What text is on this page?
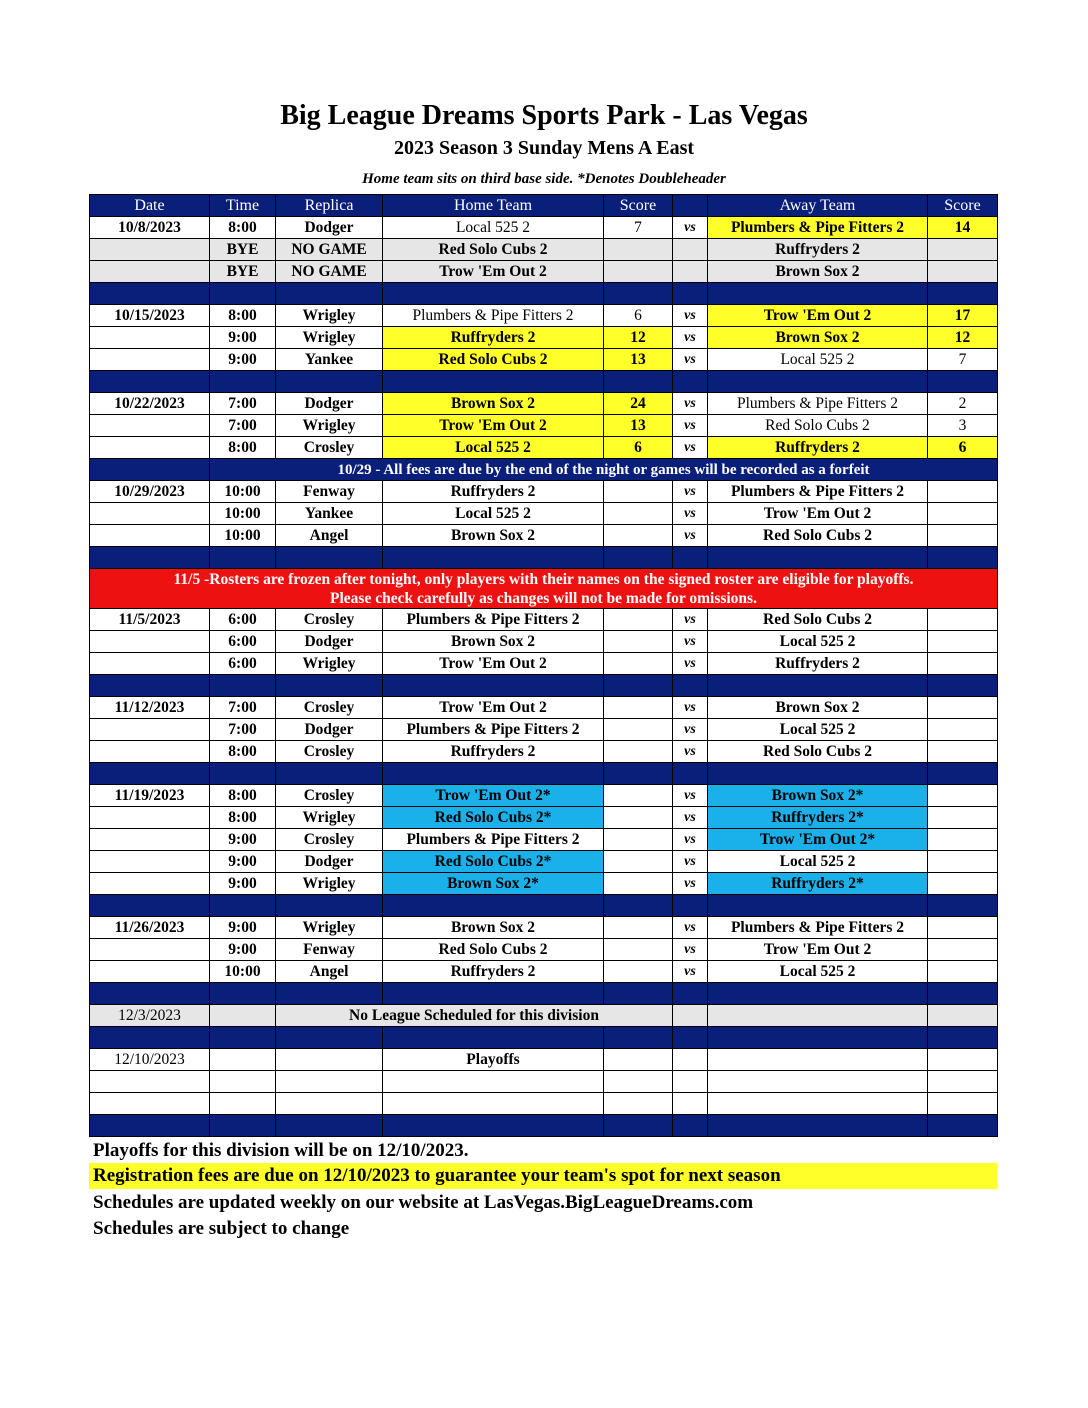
Big League Dreams Sports Park - Las Vegas
2023 Season 3 Sunday Mens A East
Home team sits on third base side. *Denotes Doubleheader
Date	Time	Replica	Home Team	Score		Away Team	Score
10/8/2023	8:00	Dodger	Local 525 2	7	vs	Plumbers & Pipe Fitters 2	14
	BYE	NO GAME	Red Solo Cubs 2			Ruffryders 2	
	BYE	NO GAME	Trow 'Em Out 2			Brown Sox 2	

10/15/2023	8:00	Wrigley	Plumbers & Pipe Fitters 2	6	vs	Trow 'Em Out 2	17
	9:00	Wrigley	Ruffryders 2	12	vs	Brown Sox 2	12
	9:00	Yankee	Red Solo Cubs 2	13	vs	Local 525 2	7

10/22/2023	7:00	Dodger	Brown Sox 2	24	vs	Plumbers & Pipe Fitters 2	2
	7:00	Wrigley	Trow 'Em Out 2	13	vs	Red Solo Cubs 2	3
	8:00	Crosley	Local 525 2	6	vs	Ruffryders 2	6
	10/29 - All fees are due by the end of the night or games will be recorded as a forfeit						
10/29/2023	10:00	Fenway	Ruffryders 2		vs	Plumbers & Pipe Fitters 2	
	10:00	Yankee	Local 525 2		vs	Trow 'Em Out 2	
	10:00	Angel	Brown Sox 2		vs	Red Solo Cubs 2	

11/5 -Rosters are frozen after tonight, only players with their names on the signed roster are eligible for playoffs.
Please check carefully as changes will not be made for omissions.							

11/5/2023	6:00	Crosley	Plumbers & Pipe Fitters 2		vs	Red Solo Cubs 2	
	6:00	Dodger	Brown Sox 2		vs	Local 525 2	
	6:00	Wrigley	Trow 'Em Out 2		vs	Ruffryders 2	

11/12/2023	7:00	Crosley	Trow 'Em Out 2		vs	Brown Sox 2	
	7:00	Dodger	Plumbers & Pipe Fitters 2		vs	Local 525 2	
	8:00	Crosley	Ruffryders 2		vs	Red Solo Cubs 2	

11/19/2023	8:00	Crosley	Trow 'Em Out 2*		vs	Brown Sox 2*	
	8:00	Wrigley	Red Solo Cubs 2*		vs	Ruffryders 2*	
	9:00	Crosley	Plumbers & Pipe Fitters 2		vs	Trow 'Em Out 2*	
	9:00	Dodger	Red Solo Cubs 2*		vs	Local 525 2	
	9:00	Wrigley	Brown Sox 2*		vs	Ruffryders 2*	

11/26/2023	9:00	Wrigley	Brown Sox 2		vs	Plumbers & Pipe Fitters 2	
	9:00	Fenway	Red Solo Cubs 2		vs	Trow 'Em Out 2	
	10:00	Angel	Ruffryders 2		vs	Local 525 2	

12/3/2023		No League Scheduled for this division					

12/10/2023			Playoffs				

Playoffs for this division will be on 12/10/2023.
Registration fees are due on 12/10/2023 to guarantee your team's spot for next season
Schedules are updated weekly on our website at LasVegas.BigLeagueDreams.com
Schedules are subject to change
